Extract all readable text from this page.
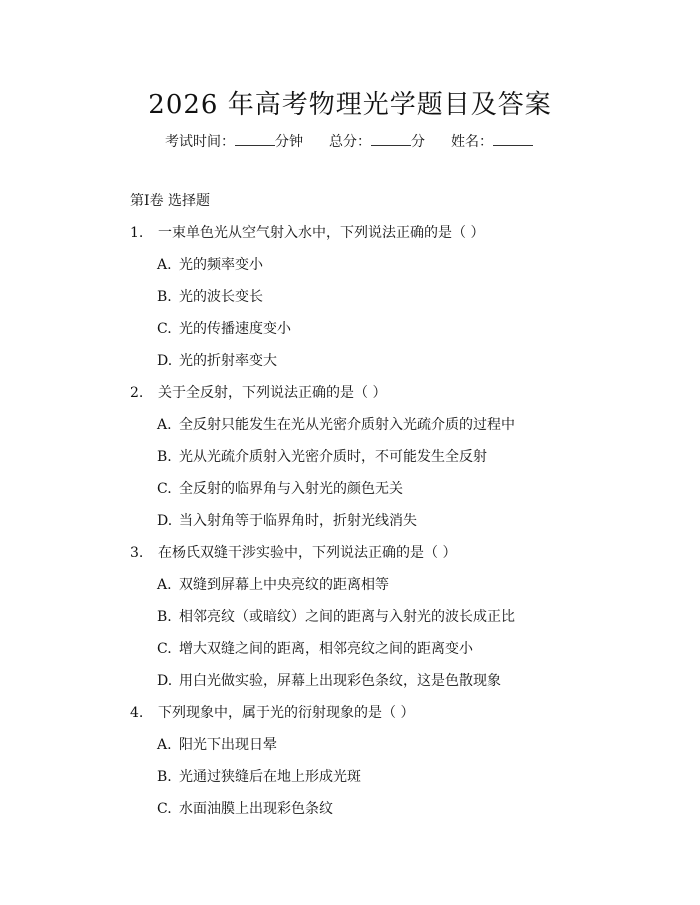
2026 年高考物理光学题目及答案
考试时间：	分钟 总分：	分 姓名：
第Ⅰ卷 选择题
1. 一束单色光从空气射入水中，下列说法正确的是（ ）
A. 光的频率变小
B. 光的波长变长
C. 光的传播速度变小
D. 光的折射率变大
2. 关于全反射，下列说法正确的是（ ）
A. 全反射只能发生在光从光密介质射入光疏介质的过程中
B. 光从光疏介质射入光密介质时，不可能发生全反射
C. 全反射的临界角与入射光的颜色无关
D. 当入射角等于临界角时，折射光线消失
3. 在杨氏双缝干涉实验中，下列说法正确的是（ ）
A. 双缝到屏幕上中央亮纹的距离相等
B. 相邻亮纹（或暗纹）之间的距离与入射光的波长成正比
C. 增大双缝之间的距离，相邻亮纹之间的距离变小
D. 用白光做实验，屏幕上出现彩色条纹，这是色散现象
4. 下列现象中，属于光的衍射现象的是（ ）
A. 阳光下出现日晕
B. 光通过狭缝后在地上形成光斑
C. 水面油膜上出现彩色条纹
